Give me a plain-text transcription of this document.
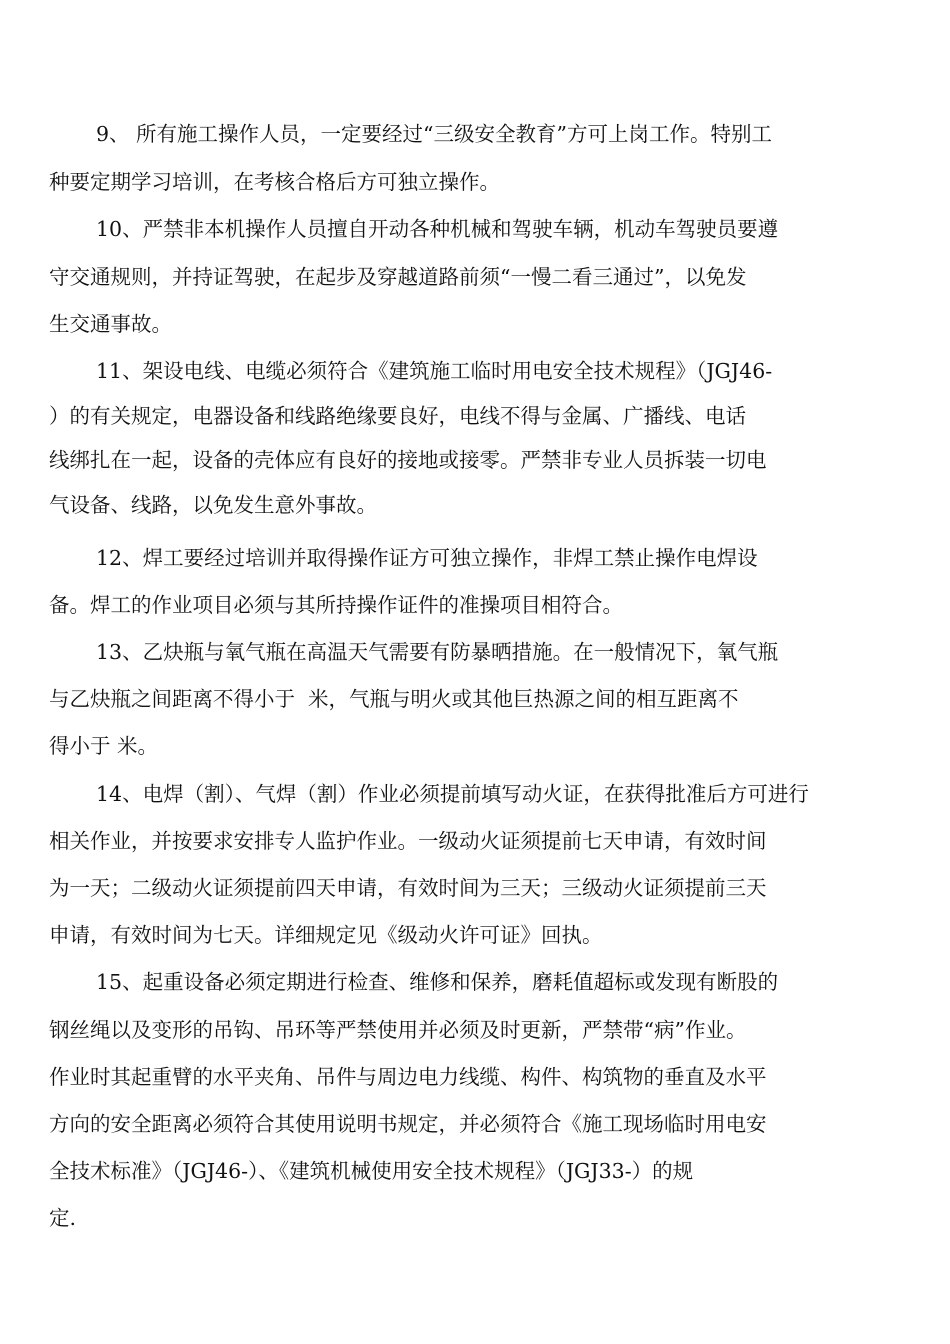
9、 所有施工操作人员，一定要经过“三级安全教育”方可上岗工作。特别工
种要定期学习培训，在考核合格后方可独立操作。
10、严禁非本机操作人员擅自开动各种机械和驾驶车辆，机动车驾驶员要遵
守交通规则，并持证驾驶，在起步及穿越道路前须“一慢二看三通过”，以免发
生交通事故。
11、架设电线、电缆必须符合《建筑施工临时用电安全技术规程》（JGJ46-
）的有关规定，电器设备和线路绝缘要良好，电线不得与金属、广播线、电话
线绑扎在一起，设备的壳体应有良好的接地或接零。严禁非专业人员拆装一切电
气设备、线路，以免发生意外事故。
12、焊工要经过培训并取得操作证方可独立操作，非焊工禁止操作电焊设
备。焊工的作业项目必须与其所持操作证件的准操项目相符合。
13、乙炔瓶与氧气瓶在高温天气需要有防暴晒措施。在一般情况下，氧气瓶
与乙炔瓶之间距离不得小于  米，气瓶与明火或其他巨热源之间的相互距离不
得小于 米。
14、电焊（割）、气焊（割）作业必须提前填写动火证，在获得批准后方可进行
相关作业，并按要求安排专人监护作业。一级动火证须提前七天申请，有效时间
为一天；二级动火证须提前四天申请，有效时间为三天；三级动火证须提前三天
申请，有效时间为七天。详细规定见《级动火许可证》回执。
15、起重设备必须定期进行检查、维修和保养，磨耗值超标或发现有断股的
钢丝绳以及变形的吊钩、吊环等严禁使用并必须及时更新，严禁带“病”作业。
作业时其起重臂的水平夹角、吊件与周边电力线缆、构件、构筑物的垂直及水平
方向的安全距离必须符合其使用说明书规定，并必须符合《施工现场临时用电安
全技术标准》（JGJ46-）、《建筑机械使用安全技术规程》（JGJ33-）的规
定.
